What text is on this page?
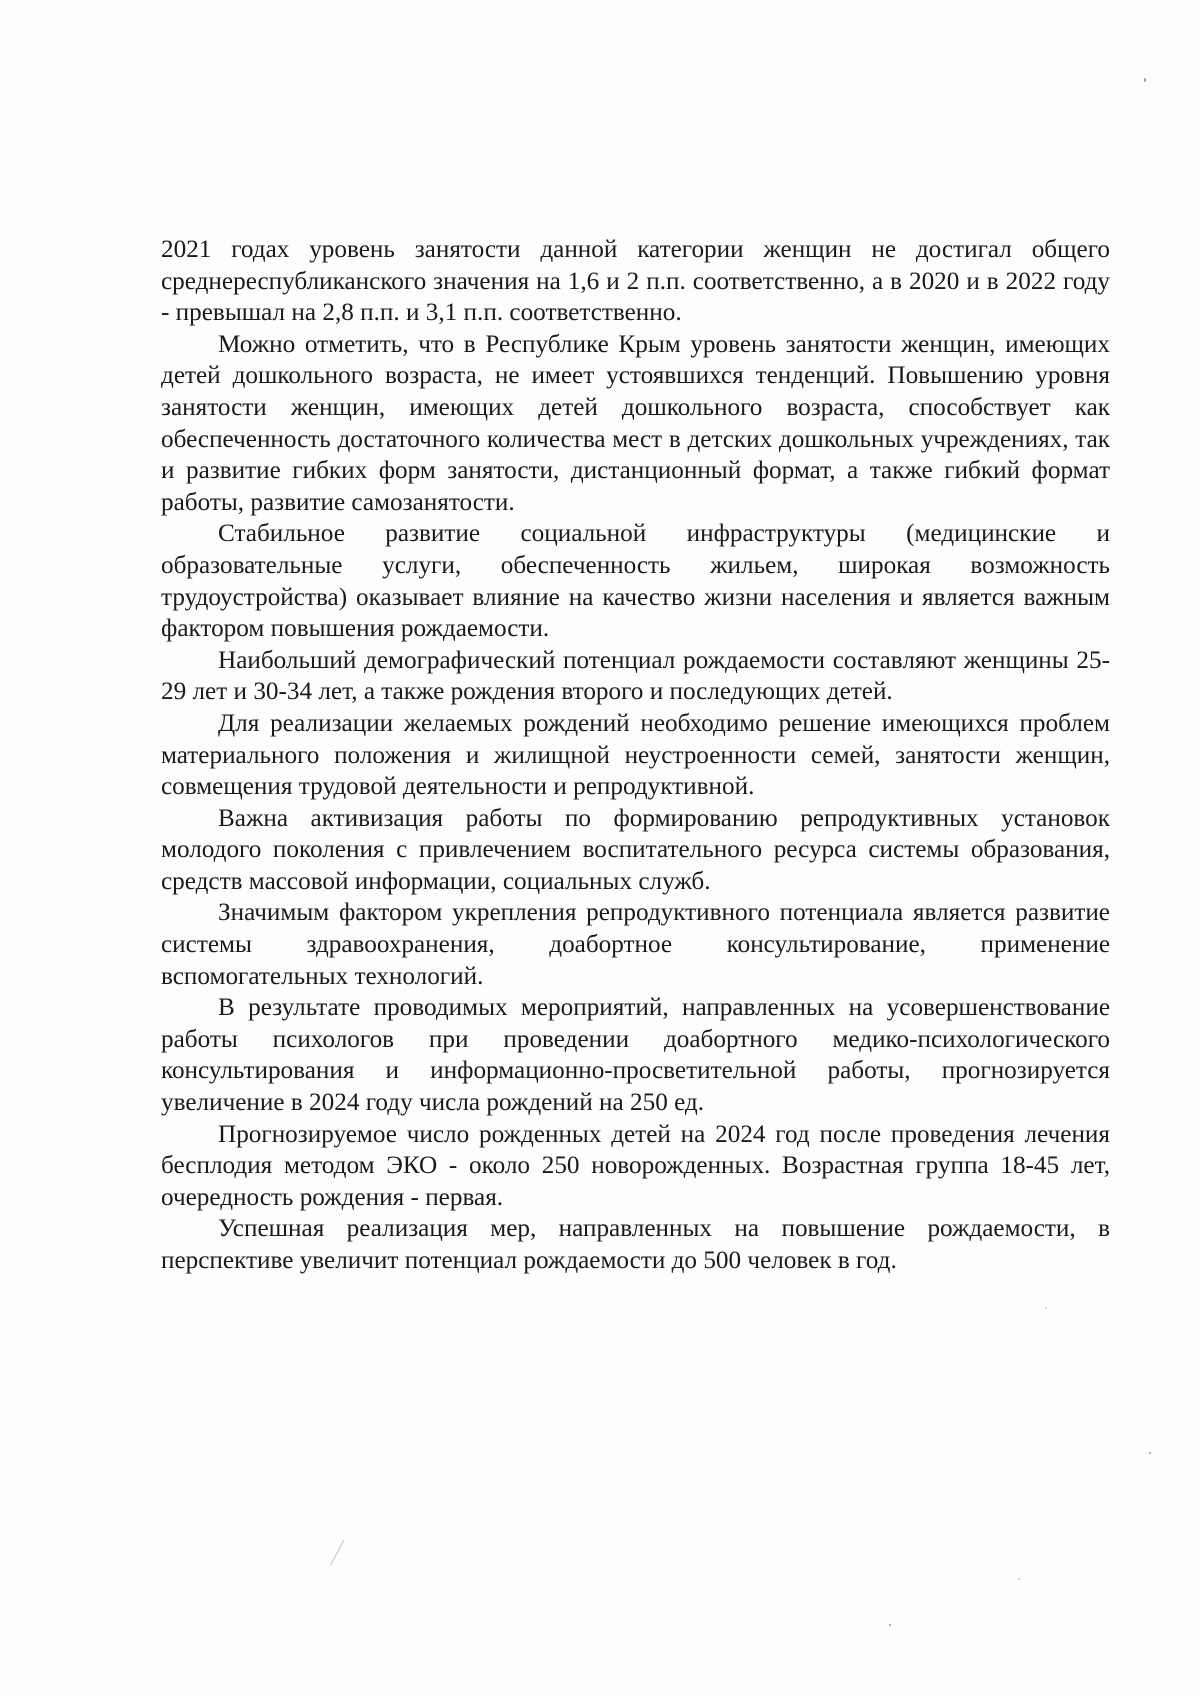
2021 годах уровень занятости данной категории женщин не достигал общего среднереспубликанского значения на 1,6 и 2 п.п. соответственно, а в 2020 и в 2022 году - превышал на 2,8 п.п. и 3,1 п.п. соответственно.

Можно отметить, что в Республике Крым уровень занятости женщин, имеющих детей дошкольного возраста, не имеет устоявшихся тенденций. Повышению уровня занятости женщин, имеющих детей дошкольного возраста, способствует как обеспеченность достаточного количества мест в детских дошкольных учреждениях, так и развитие гибких форм занятости, дистанционный формат, а также гибкий формат работы, развитие самозанятости.

Стабильное развитие социальной инфраструктуры (медицинские и образовательные услуги, обеспеченность жильем, широкая возможность трудоустройства) оказывает влияние на качество жизни населения и является важным фактором повышения рождаемости.

Наибольший демографический потенциал рождаемости составляют женщины 25-29 лет и 30-34 лет, а также рождения второго и последующих детей.

Для реализации желаемых рождений необходимо решение имеющихся проблем материального положения и жилищной неустроенности семей, занятости женщин, совмещения трудовой деятельности и репродуктивной.

Важна активизация работы по формированию репродуктивных установок молодого поколения с привлечением воспитательного ресурса системы образования, средств массовой информации, социальных служб.

Значимым фактором укрепления репродуктивного потенциала является развитие системы здравоохранения, доабортное консультирование, применение вспомогательных технологий.

В результате проводимых мероприятий, направленных на усовершенствование работы психологов при проведении доабортного медико-психологического консультирования и информационно-просветительной работы, прогнозируется увеличение в 2024 году числа рождений на 250 ед.

Прогнозируемое число рожденных детей на 2024 год после проведения лечения бесплодия методом ЭКО - около 250 новорожденных. Возрастная группа 18-45 лет, очередность рождения - первая.

Успешная реализация мер, направленных на повышение рождаемости, в перспективе увеличит потенциал рождаемости до 500 человек в год.
